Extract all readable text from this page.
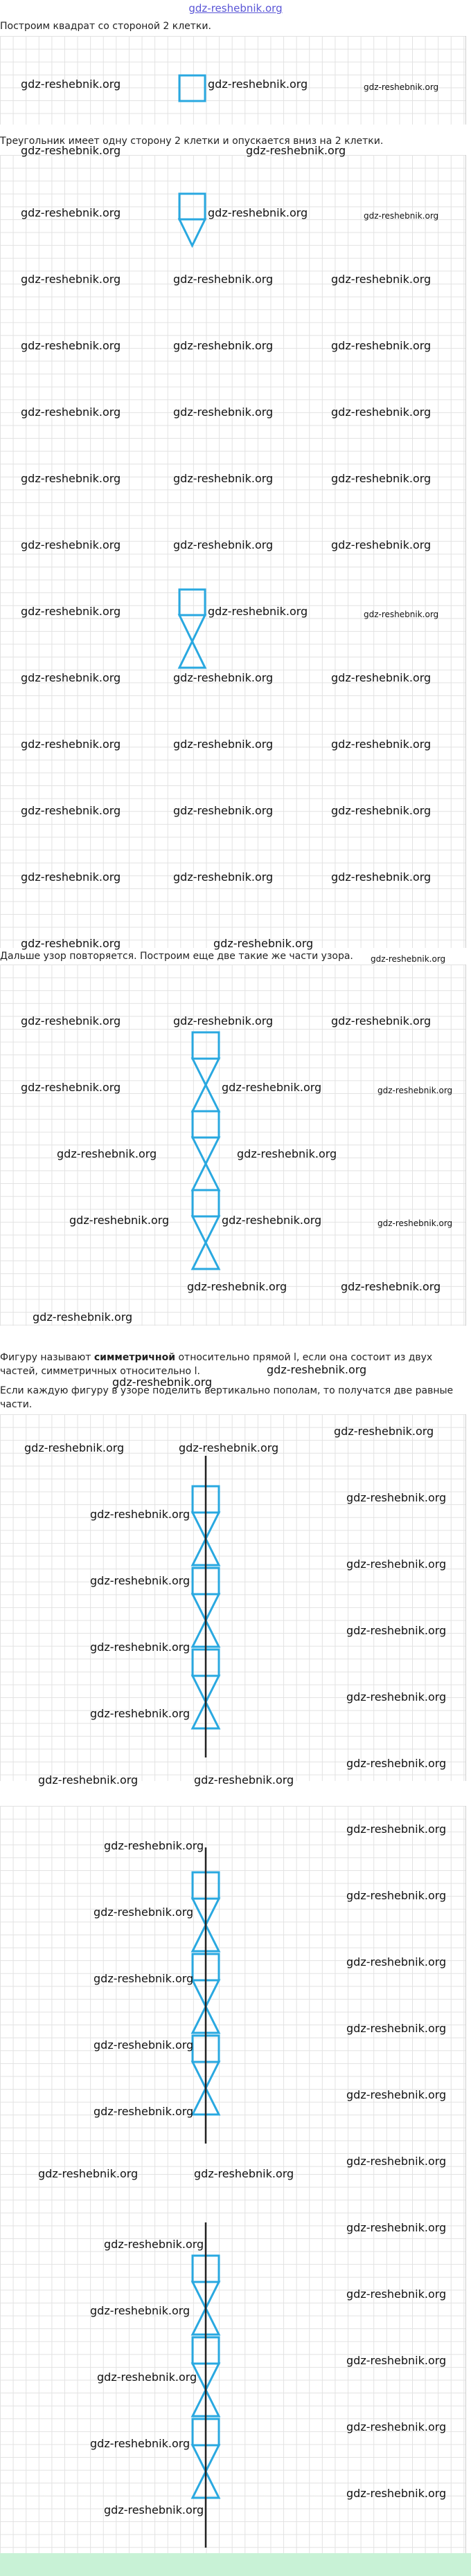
gdz-reshebnik.org
Построим квадрат со стороной 2 клетки.
gdz-reshebnik.org	gdz-reshebnik.org	gdz-reshebnik.org
Треугольник имеет одну сторону 2 клетки и опускается вниз на 2 клетки.
gdz-reshebnik.org	gdz-reshebnik.org
gdz-reshebnik.org	gdz-reshebnik.org	gdz-reshebnik.org
gdz-reshebnik.org	gdz-reshebnik.org	gdz-reshebnik.org
gdz-reshebnik.org	gdz-reshebnik.org	gdz-reshebnik.org
gdz-reshebnik.org	gdz-reshebnik.org	gdz-reshebnik.org
gdz-reshebnik.org	gdz-reshebnik.org	gdz-reshebnik.org
gdz-reshebnik.org	gdz-reshebnik.org	gdz-reshebnik.org
gdz-reshebnik.org	gdz-reshebnik.org	gdz-reshebnik.org
gdz-reshebnik.org	gdz-reshebnik.org	gdz-reshebnik.org
gdz-reshebnik.org	gdz-reshebnik.org	gdz-reshebnik.org
gdz-reshebnik.org	gdz-reshebnik.org	gdz-reshebnik.org
gdz-reshebnik.org	gdz-reshebnik.org	gdz-reshebnik.org
gdz-reshebnik.org	gdz-reshebnik.org
Дальше узор повторяется. Построим еще две такие же части узора.	gdz-reshebnik.org
gdz-reshebnik.org	gdz-reshebnik.org	gdz-reshebnik.org
gdz-reshebnik.org	gdz-reshebnik.org	gdz-reshebnik.org
gdz-reshebnik.org	gdz-reshebnik.org
gdz-reshebnik.org	gdz-reshebnik.org	gdz-reshebnik.org
gdz-reshebnik.org	gdz-reshebnik.org
gdz-reshebnik.org
Фигуру называют симметричной относительно прямой l, если она состоит из двух частей, симметричных относительно l.
gdz-reshebnik.org
gdz-reshebnik.org
Если каждую фигуру в узоре поделить вертикально пополам, то получатся две равные части.
gdz-reshebnik.org	gdz-reshebnik.org
gdz-reshebnik.org
gdz-reshebnik.org
gdz-reshebnik.org
gdz-reshebnik.org
gdz-reshebnik.org
gdz-reshebnik.org
gdz-reshebnik.org
gdz-reshebnik.org
gdz-reshebnik.org
gdz-reshebnik.org
gdz-reshebnik.org	gdz-reshebnik.org
gdz-reshebnik.org
gdz-reshebnik.org
gdz-reshebnik.org
gdz-reshebnik.org
gdz-reshebnik.org
gdz-reshebnik.org
gdz-reshebnik.org
gdz-reshebnik.org
gdz-reshebnik.org
gdz-reshebnik.org
gdz-reshebnik.org
gdz-reshebnik.org	gdz-reshebnik.org
gdz-reshebnik.org
gdz-reshebnik.org
gdz-reshebnik.org
gdz-reshebnik.org
gdz-reshebnik.org
gdz-reshebnik.org
gdz-reshebnik.org
gdz-reshebnik.org
gdz-reshebnik.org
gdz-reshebnik.org
